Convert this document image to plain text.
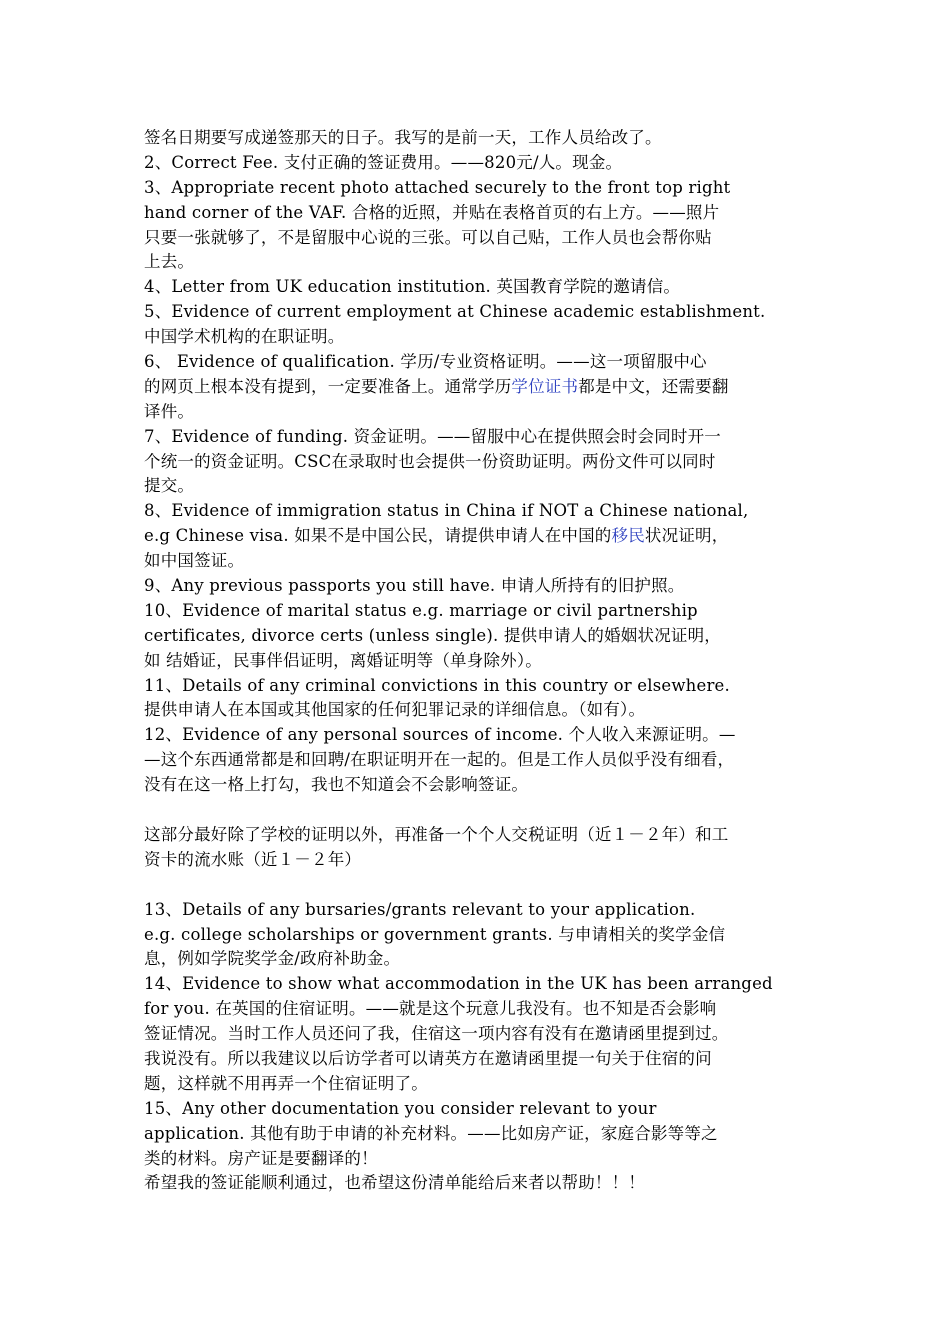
签名日期要写成递签那天的日子。我写的是前一天，工作人员给改了。
2、Correct Fee. 支付正确的签证费用。——820元/人。现金。
3、Appropriate recent photo attached securely to the front top right
hand corner of the VAF. 合格的近照，并贴在表格首页的右上方。——照片
只要一张就够了，不是留服中心说的三张。可以自己贴，工作人员也会帮你贴
上去。
4、Letter from UK education institution. 英国教育学院的邀请信。
5、Evidence of current employment at Chinese academic establishment.
中国学术机构的在职证明。
6、 Evidence of qualification. 学历/专业资格证明。——这一项留服中心
的网页上根本没有提到，一定要准备上。通常学历学位证书都是中文，还需要翻
译件。
7、Evidence of funding. 资金证明。——留服中心在提供照会时会同时开一
个统一的资金证明。CSC在录取时也会提供一份资助证明。两份文件可以同时
提交。
8、Evidence of immigration status in China if NOT a Chinese national,
e.g Chinese visa. 如果不是中国公民，请提供申请人在中国的移民状况证明，
如中国签证。
9、Any previous passports you still have. 申请人所持有的旧护照。
10、Evidence of marital status e.g. marriage or civil partnership
certificates, divorce certs (unless single). 提供申请人的婚姻状况证明，
如 结婚证，民事伴侣证明，离婚证明等（单身除外）。
11、Details of any criminal convictions in this country or elsewhere.
提供申请人在本国或其他国家的任何犯罪记录的详细信息。（如有）。
12、Evidence of any personal sources of income. 个人收入来源证明。—
—这个东西通常都是和回聘/在职证明开在一起的。但是工作人员似乎没有细看，
没有在这一格上打勾，我也不知道会不会影响签证。
这部分最好除了学校的证明以外，再准备一个个人交税证明（近１－２年）和工
资卡的流水账（近１－２年）
13、Details of any bursaries/grants relevant to your application.
e.g. college scholarships or government grants. 与申请相关的奖学金信
息，例如学院奖学金/政府补助金。
14、Evidence to show what accommodation in the UK has been arranged
for you. 在英国的住宿证明。——就是这个玩意儿我没有。也不知是否会影响
签证情况。当时工作人员还问了我，住宿这一项内容有没有在邀请函里提到过。
我说没有。所以我建议以后访学者可以请英方在邀请函里提一句关于住宿的问
题，这样就不用再弄一个住宿证明了。
15、Any other documentation you consider relevant to your
application. 其他有助于申请的补充材料。——比如房产证，家庭合影等等之
类的材料。房产证是要翻译的！
希望我的签证能顺利通过，也希望这份清单能给后来者以帮助！！！
